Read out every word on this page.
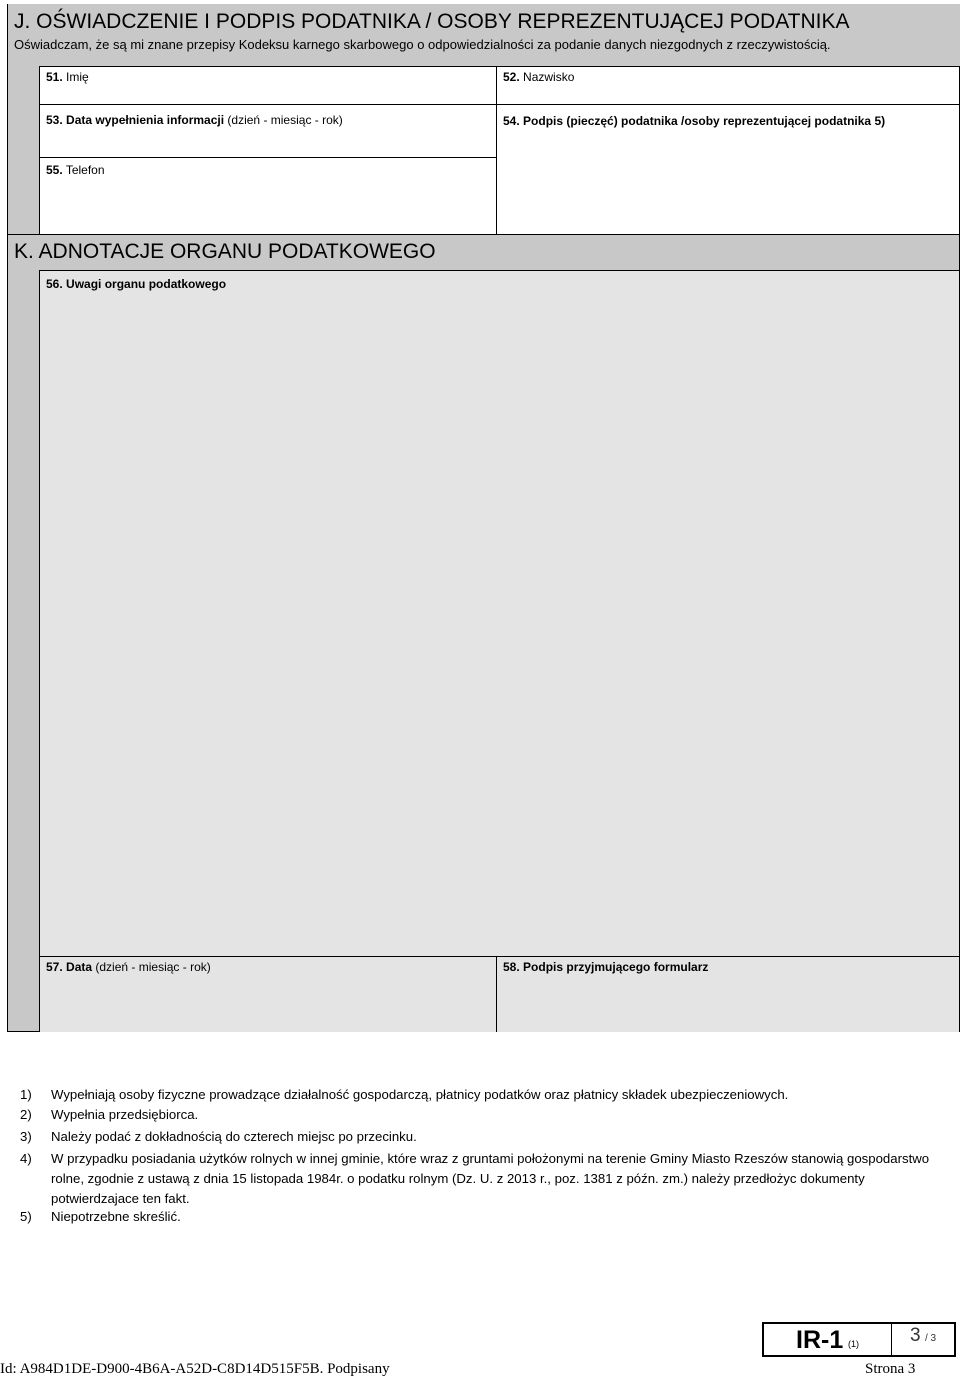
J. OŚWIADCZENIE I PODPIS PODATNIKA / OSOBY REPREZENTUJĄCEJ PODATNIKA
Oświadczam, że są mi znane przepisy Kodeksu karnego skarbowego o odpowiedzialności za podanie danych niezgodnych z rzeczywistością.
51. Imię	52. Nazwisko
53. Data wypełnienia informacji (dzień - miesiąc - rok)	54. Podpis (pieczęć) podatnika /osoby reprezentującej podatnika 5)
55. Telefon
K. ADNOTACJE ORGANU PODATKOWEGO
56. Uwagi organu podatkowego
57. Data (dzień - miesiąc - rok)	58. Podpis przyjmującego formularz
1)	Wypełniają osoby fizyczne prowadzące działalność gospodarczą, płatnicy podatków oraz płatnicy składek ubezpieczeniowych.
2)	Wypełnia przedsiębiorca.
3)	Należy podać z dokładnością do czterech miejsc po przecinku.
4)	W przypadku posiadania użytków rolnych w innej gminie, które wraz z gruntami położonymi na terenie Gminy Miasto Rzeszów stanowią gospodarstwo rolne, zgodnie z ustawą z dnia 15 listopada 1984r. o podatku rolnym (Dz. U. z 2013 r., poz. 1381 z późn. zm.) należy przedłożyc dokumenty potwierdzajace ten fakt.
5)	Niepotrzebne skreślić.
IR-1 (1)	3 / 3
Id: A984D1DE-D900-4B6A-A52D-C8D14D515F5B. Podpisany	Strona 3
